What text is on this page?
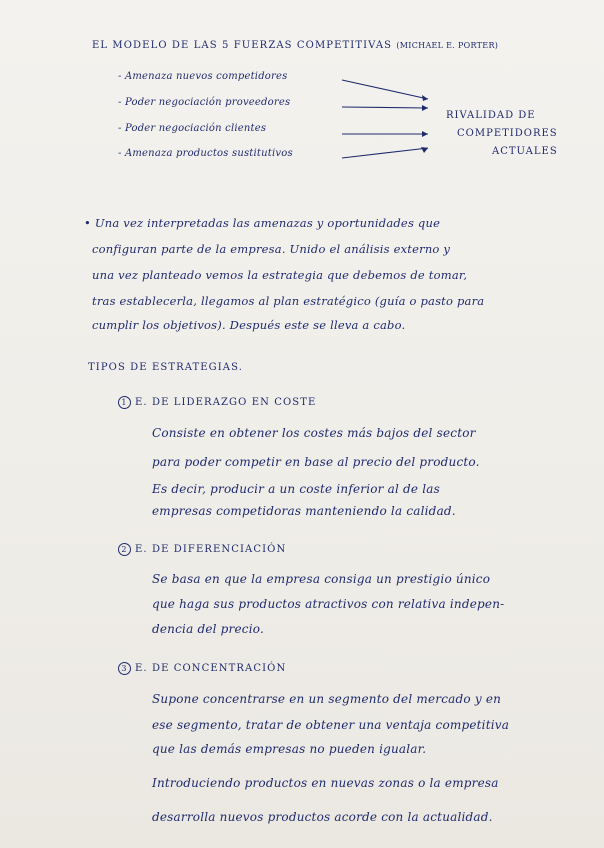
EL MODELO DE LAS 5 FUERZAS COMPETITIVAS (MICHAEL E. PORTER)
- Amenaza nuevos competidores
- Poder negociación proveedores
- Poder negociación clientes
- Amenaza productos sustitutivos
RIVALIDAD DE
COMPETIDORES
ACTUALES
• Una vez interpretadas las amenazas y oportunidades que
configuran parte de la empresa. Unido el análisis externo y
una vez planteado vemos la estrategia que debemos de tomar,
tras establecerla, llegamos al plan estratégico (guía o pasto para
cumplir los objetivos). Después este se lleva a cabo.
TIPOS DE ESTRATEGIAS.
1 E. DE LIDERAZGO EN COSTE
Consiste en obtener los costes más bajos del sector
para poder competir en base al precio del producto.
Es decir, producir a un coste inferior al de las
empresas competidoras manteniendo la calidad.
2 E. DE DIFERENCIACIÓN
Se basa en que la empresa consiga un prestigio único
que haga sus productos atractivos con relativa indepen-
dencia del precio.
3 E. DE CONCENTRACIÓN
Supone concentrarse en un segmento del mercado y en
ese segmento, tratar de obtener una ventaja competitiva
que las demás empresas no pueden igualar.
Introduciendo productos en nuevas zonas o la empresa
desarrolla nuevos productos acorde con la actualidad.
